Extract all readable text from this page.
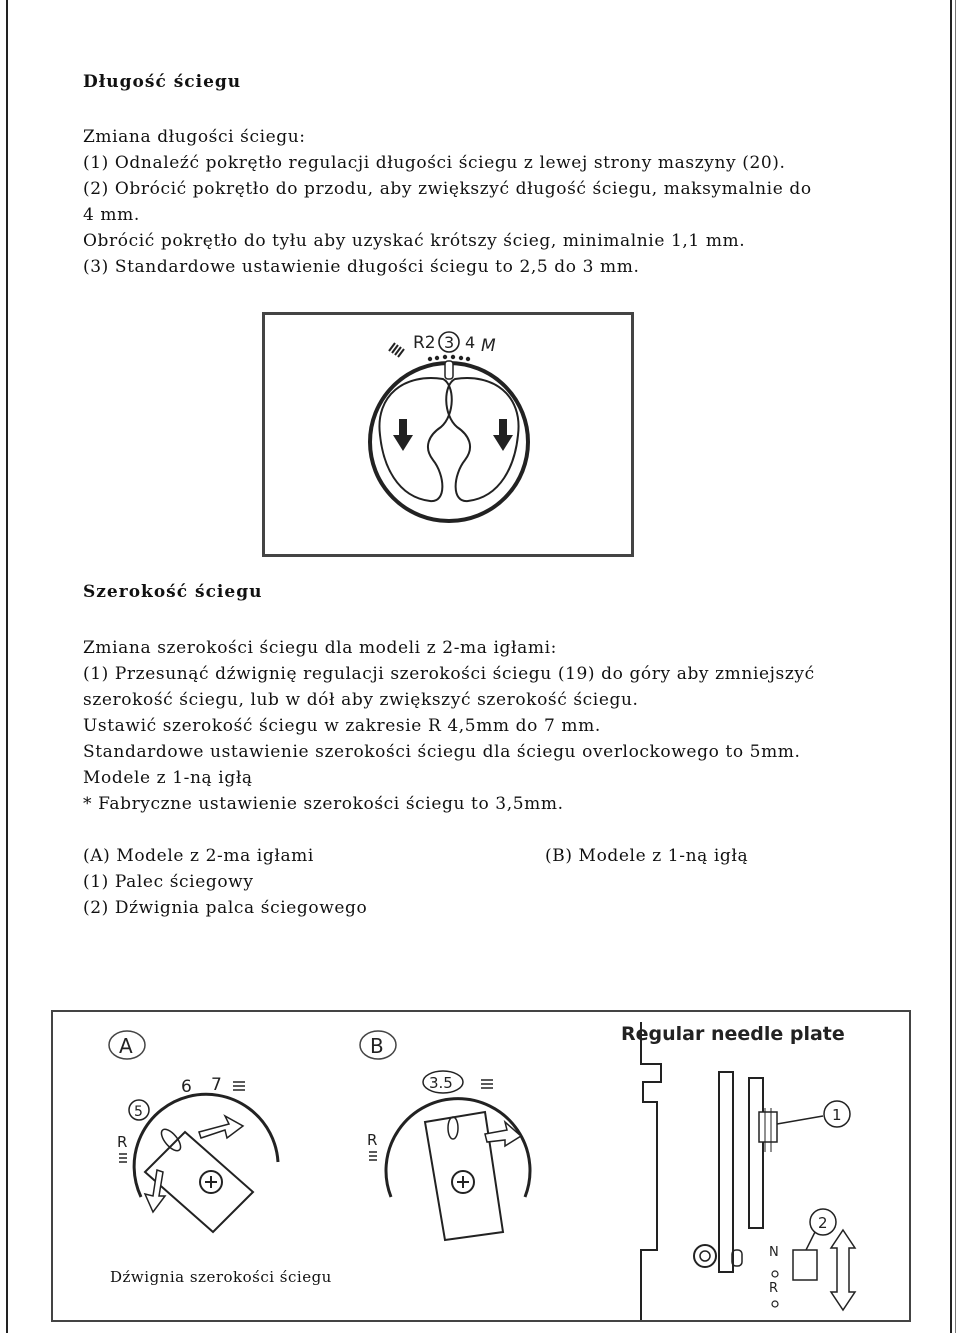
Długość ściegu
Zmiana długości ściegu:
(1) Odnaleźć pokrętło regulacji długości ściegu z lewej strony maszyny (20).
(2) Obrócić pokrętło do przodu, aby zwiększyć długość ściegu, maksymalnie do
4 mm.
Obrócić pokrętło do tyłu aby uzyskać krótszy ścieg, minimalnie 1,1 mm.
(3) Standardowe ustawienie długości ściegu to 2,5 do 3 mm.
R2 3 4 M
Szerokość ściegu
Zmiana szerokości ściegu dla modeli z 2-ma igłami:
(1) Przesunąć dźwignię regulacji szerokości ściegu (19) do góry aby zmniejszyć
szerokość ściegu, lub w dół aby zwiększyć szerokość ściegu.
Ustawić szerokość ściegu w zakresie R 4,5mm do 7 mm.
Standardowe ustawienie szerokości ściegu dla ściegu overlockowego to 5mm.
Modele z 1-ną igłą
* Fabryczne ustawienie szerokości ściegu to 3,5mm.
(A) Modele z 2-ma igłami	(B) Modele z 1-ną igłą
(1) Palec ściegowy
(2) Dźwignia palca ściegowego
A
6 7
5
R
B
3.5
R
Regular needle plate
1
2
N
R
Dźwignia szerokości ściegu
